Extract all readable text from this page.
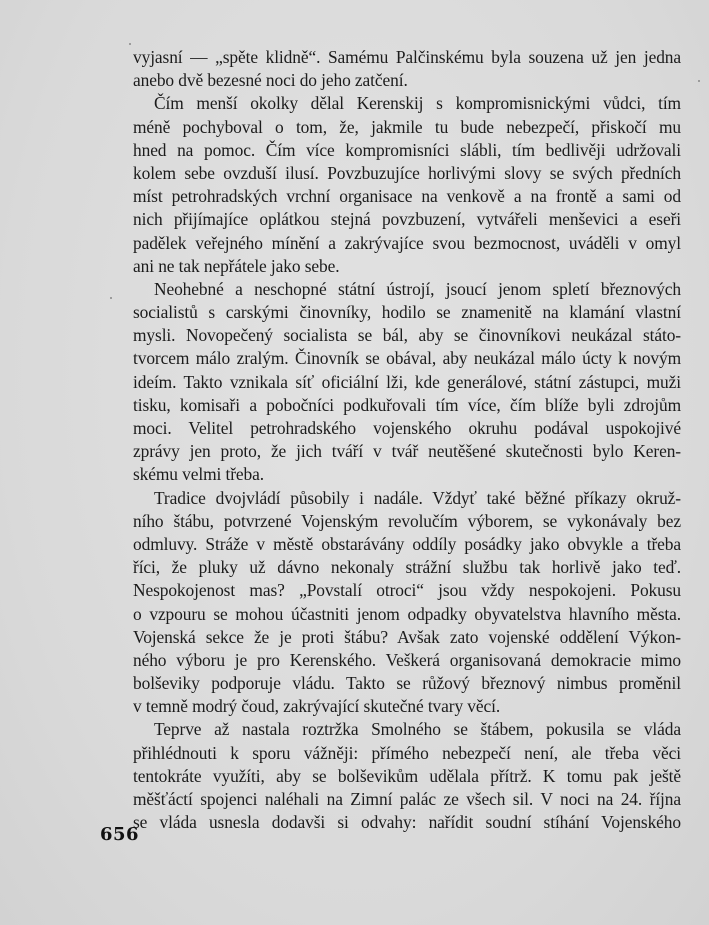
vyjasní — „spěte klidně“. Samému Palčinskému byla souzena už jen jedna
anebo dvě bezesné noci do jeho zatčení.
Čím menší okolky dělal Kerenskij s kompromisnickými vůdci, tím
méně pochyboval o tom, že, jakmile tu bude nebezpečí, přiskočí mu
hned na pomoc. Čím více kompromisníci slábli, tím bedlivěji udržovali
kolem sebe ovzduší ilusí. Povzbuzujíce horlivými slovy se svých předních
míst petrohradských vrchní organisace na venkově a na frontě a sami od
nich přijímajíce oplátkou stejná povzbuzení, vytvářeli menševici a eseři
padělek veřejného mínění a zakrývajíce svou bezmocnost, uváděli v omyl
ani ne tak nepřátele jako sebe.
Neohebné a neschopné státní ústrojí, jsoucí jenom spletí březnových
socialistů s carskými činovníky, hodilo se znamenitě na klamání vlastní
mysli. Novopečený socialista se bál, aby se činovníkovi neukázal státo-
tvorcem málo zralým. Činovník se obával, aby neukázal málo úcty k novým
ideím. Takto vznikala síť oficiální lži, kde generálové, státní zástupci, muži
tisku, komisaři a pobočníci podkuřovali tím více, čím blíže byli zdrojům
moci. Velitel petrohradského vojenského okruhu podával uspokojivé
zprávy jen proto, že jich tváří v tvář neutěšené skutečnosti bylo Keren-
skému velmi třeba.
Tradice dvojvládí působily i nadále. Vždyť také běžné příkazy okruž-
ního štábu, potvrzené Vojenským revolučím výborem, se vykonávaly bez
odmluvy. Stráže v městě obstarávány oddíly posádky jako obvykle a třeba
říci, že pluky už dávno nekonaly strážní službu tak horlivě jako teď.
Nespokojenost mas? „Povstalí otroci“ jsou vždy nespokojeni. Pokusu
o vzpouru se mohou účastniti jenom odpadky obyvatelstva hlavního města.
Vojenská sekce že je proti štábu? Avšak zato vojenské oddělení Výkon-
ného výboru je pro Kerenského. Veškerá organisovaná demokracie mimo
bolševiky podporuje vládu. Takto se růžový březnový nimbus proměnil
v temně modrý čoud, zakrývající skutečné tvary věcí.
Teprve až nastala roztržka Smolného se štábem, pokusila se vláda
přihlédnouti k sporu vážněji: přímého nebezpečí není, ale třeba věci
tentokráte využíti, aby se bolševikům udělala přítrž. K tomu pak ještě
měšťáctí spojenci naléhali na Zimní palác ze všech sil. V noci na 24. října
se vláda usnesla dodavši si odvahy: nařídit soudní stíhání Vojenského
656
